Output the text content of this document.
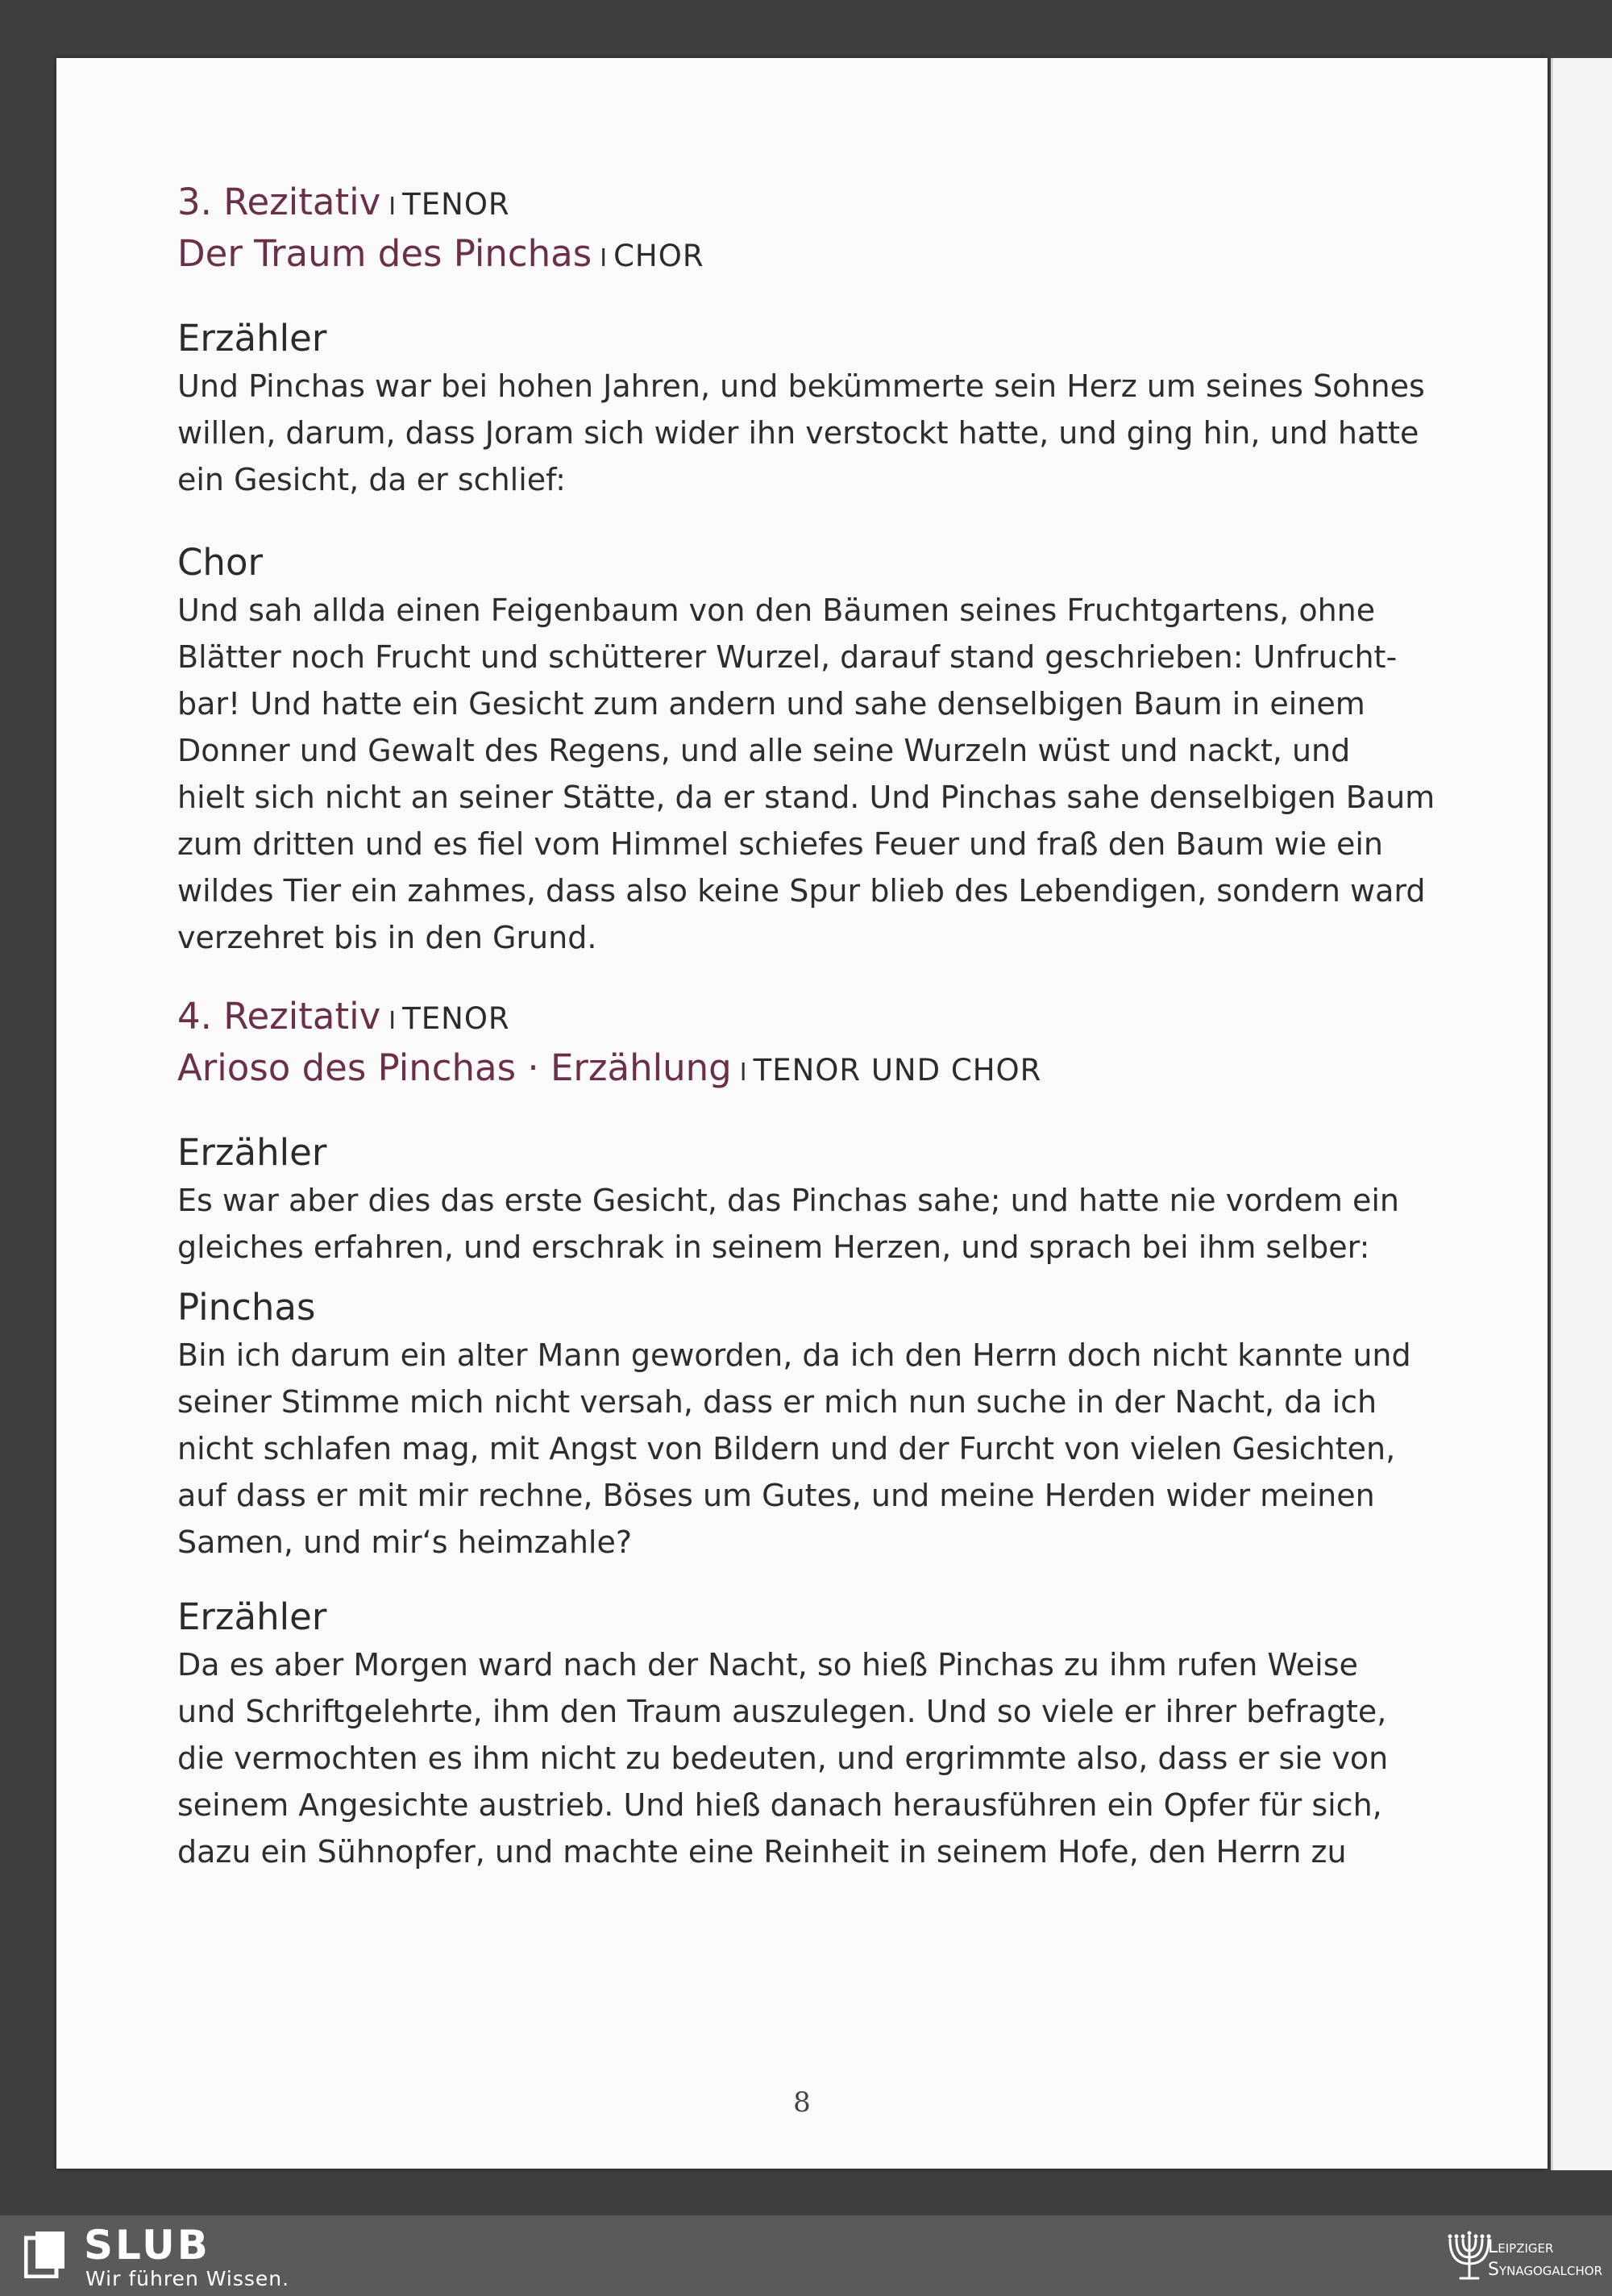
3. Rezitativ I TENOR

Der Traum des Pinchas I CHOR

Erzähler

Und Pinchas war bei hohen Jahren, und bekümmerte sein Herz um seines Sohnes
willen, darum, dass Joram sich wider ihn verstockt hatte, und ging hin, und hatte
ein Gesicht, da er schlief:

Chor

Und sah allda einen Feigenbaum von den Bäumen seines Fruchtgartens, ohne
Blätter noch Frucht und schütterer Wurzel, darauf stand geschrieben: Unfrucht-
bar! Und hatte ein Gesicht zum andern und sahe denselbigen Baum in einem
Donner und Gewalt des Regens, und alle seine Wurzeln wüst und nackt, und
hielt sich nicht an seiner Stätte, da er stand. Und Pinchas sahe denselbigen Baum
zum dritten und es fiel vom Himmel schiefes Feuer und fraß den Baum wie ein
wildes Tier ein zahmes, dass also keine Spur blieb des Lebendigen, sondern ward
verzehret bis in den Grund.

4. Rezitativ I TENOR

Arioso des Pinchas · Erzählung I TENOR UND CHOR

Erzähler

Es war aber dies das erste Gesicht, das Pinchas sahe; und hatte nie vordem ein
gleiches erfahren, und erschrak in seinem Herzen, und sprach bei ihm selber:

Pinchas

Bin ich darum ein alter Mann geworden, da ich den Herrn doch nicht kannte und
seiner Stimme mich nicht versah, dass er mich nun suche in der Nacht, da ich
nicht schlafen mag, mit Angst von Bildern und der Furcht von vielen Gesichten,
auf dass er mit mir rechne, Böses um Gutes, und meine Herden wider meinen
Samen, und mir‘s heimzahle?

Erzähler

Da es aber Morgen ward nach der Nacht, so hieß Pinchas zu ihm rufen Weise
und Schriftgelehrte, ihm den Traum auszulegen. Und so viele er ihrer befragte,
die vermochten es ihm nicht zu bedeuten, und ergrimmte also, dass er sie von
seinem Angesichte austrieb. Und hieß danach herausführen ein Opfer für sich,
dazu ein Sühnopfer, und machte eine Reinheit in seinem Hofe, den Herrn zu

8
SLUB
Wir führen Wissen.
Leipziger
Synagogalchor
